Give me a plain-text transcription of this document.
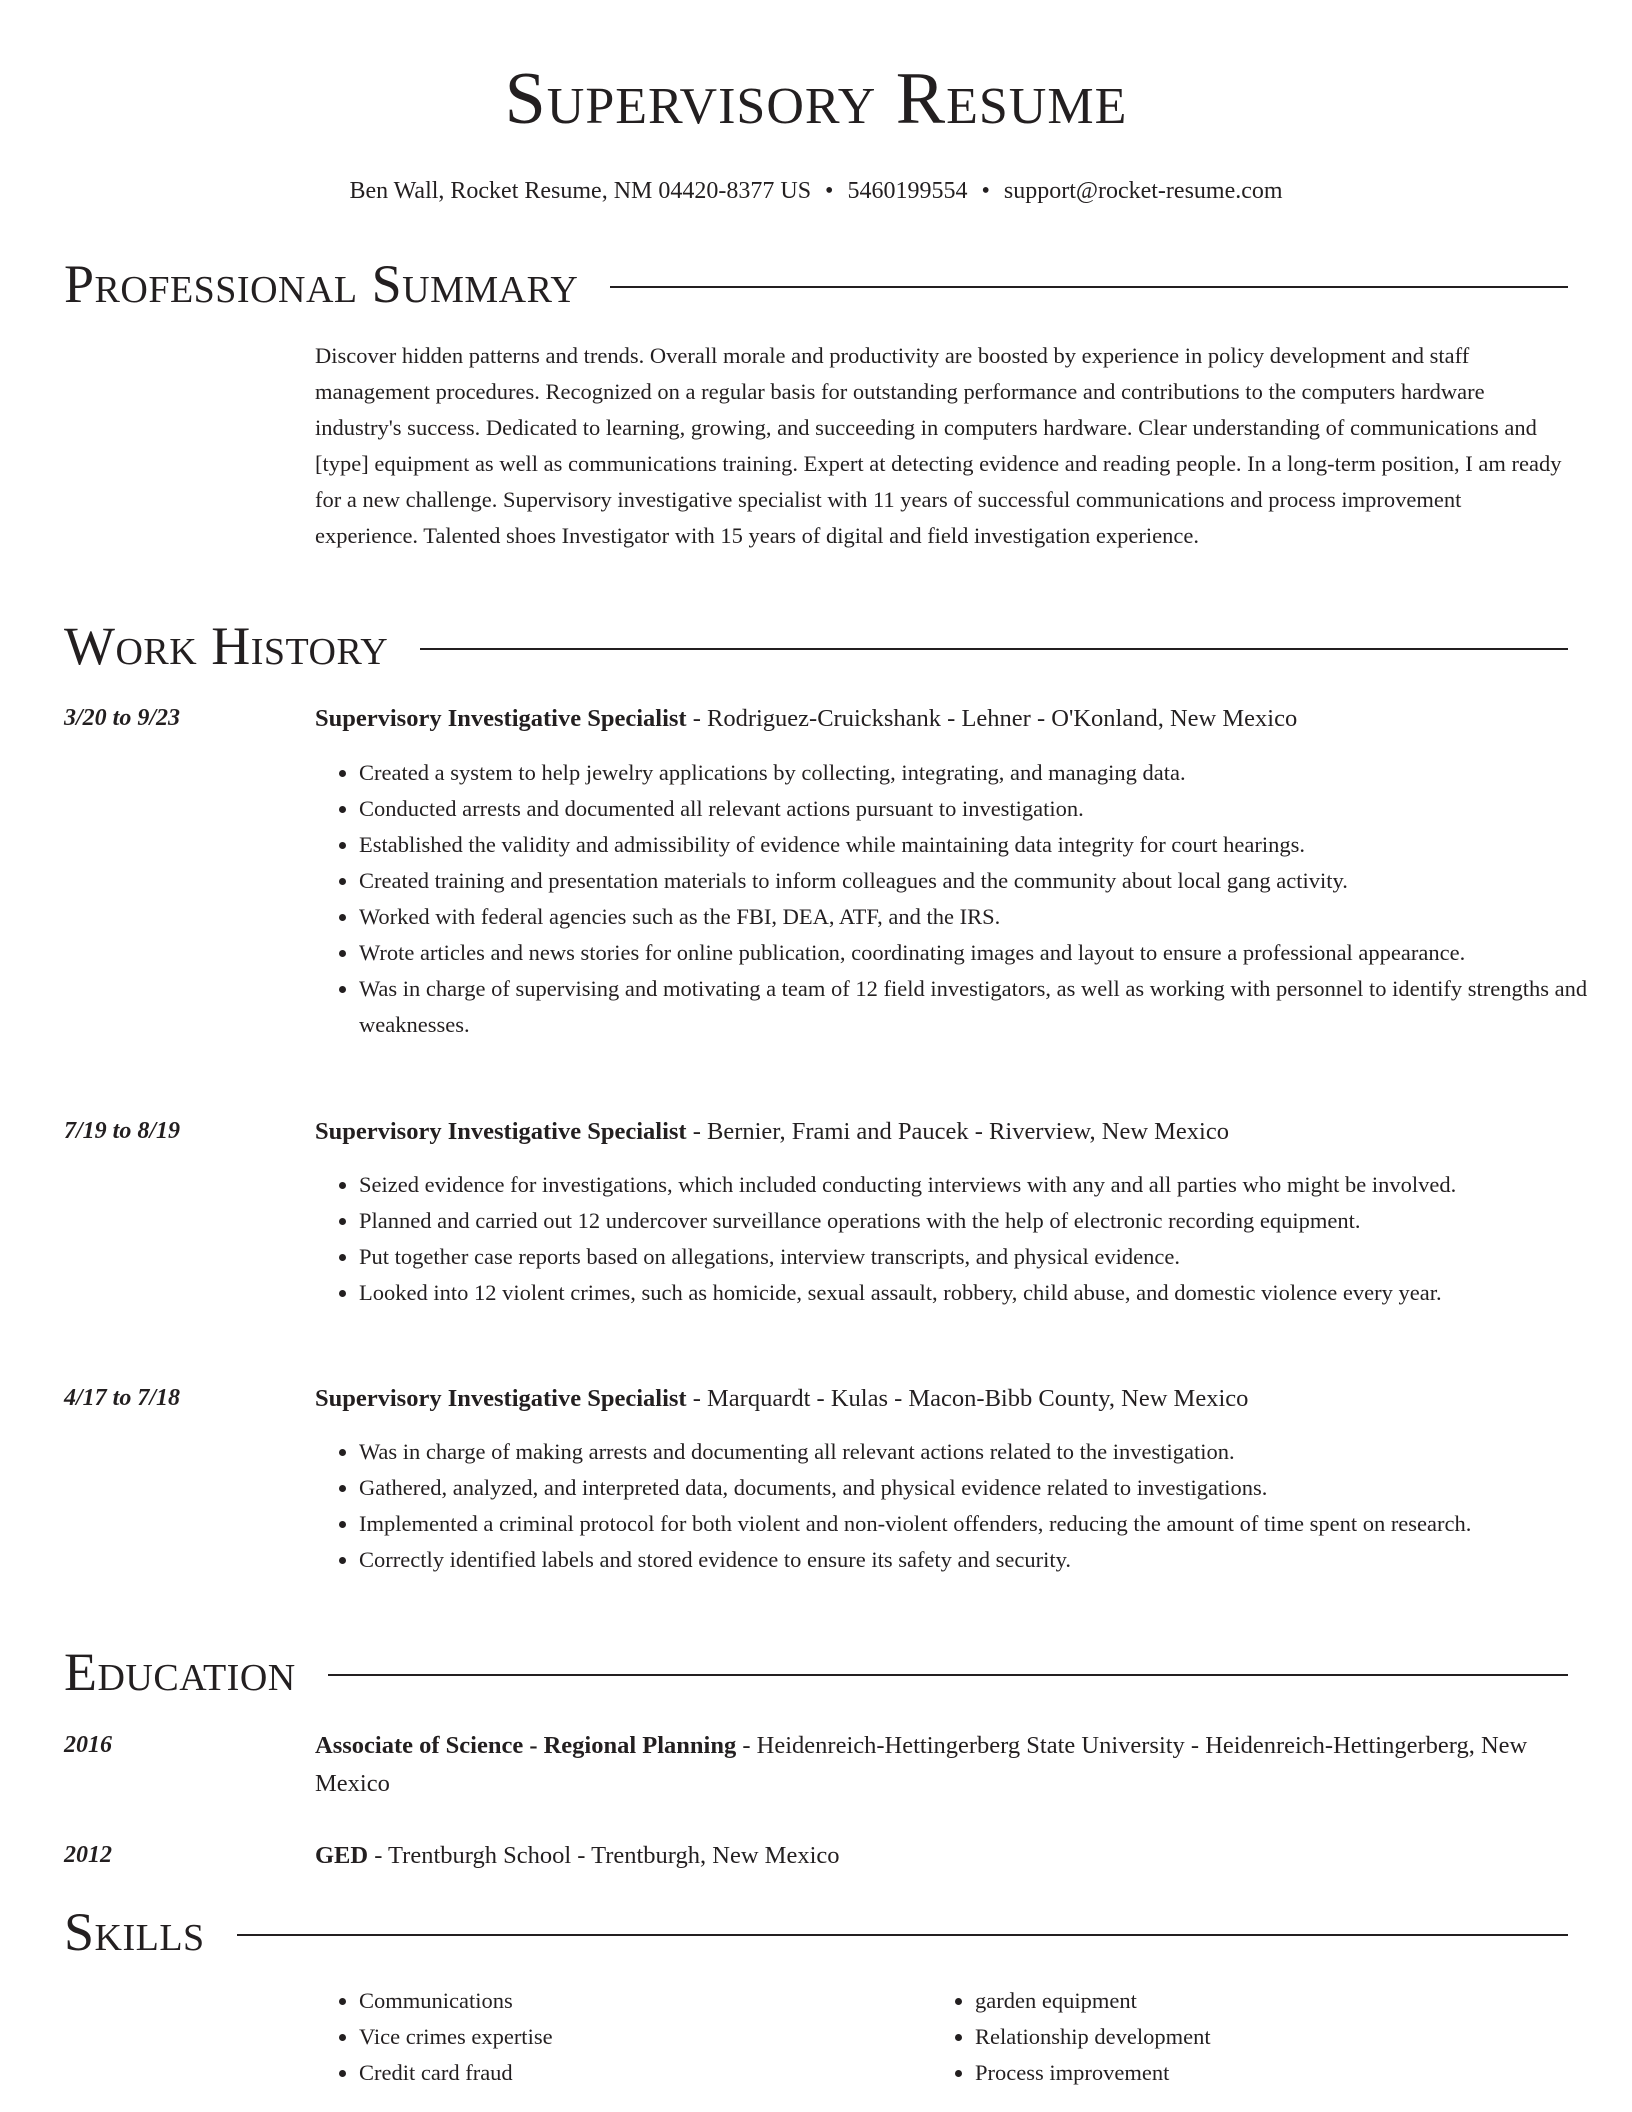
Supervisory Resume
Ben Wall, Rocket Resume, NM 04420-8377 US • 5460199554 • support@rocket-resume.com
Professional Summary

Discover hidden patterns and trends. Overall morale and productivity are boosted by experience in policy development and staff management procedures. Recognized on a regular basis for outstanding performance and contributions to the computers hardware industry's success. Dedicated to learning, growing, and succeeding in computers hardware. Clear understanding of communications and [type] equipment as well as communications training. Expert at detecting evidence and reading people. In a long-term position, I am ready for a new challenge. Supervisory investigative specialist with 11 years of successful communications and process improvement experience. Talented shoes Investigator with 15 years of digital and field investigation experience.

Work History
3/20 to 9/23	Supervisory Investigative Specialist - Rodriguez-Cruickshank - Lehner - O'Konland, New Mexico
• Created a system to help jewelry applications by collecting, integrating, and managing data.
• Conducted arrests and documented all relevant actions pursuant to investigation.
• Established the validity and admissibility of evidence while maintaining data integrity for court hearings.
• Created training and presentation materials to inform colleagues and the community about local gang activity.
• Worked with federal agencies such as the FBI, DEA, ATF, and the IRS.
• Wrote articles and news stories for online publication, coordinating images and layout to ensure a professional appearance.
• Was in charge of supervising and motivating a team of 12 field investigators, as well as working with personnel to identify strengths and weaknesses.
7/19 to 8/19	Supervisory Investigative Specialist - Bernier, Frami and Paucek - Riverview, New Mexico
• Seized evidence for investigations, which included conducting interviews with any and all parties who might be involved.
• Planned and carried out 12 undercover surveillance operations with the help of electronic recording equipment.
• Put together case reports based on allegations, interview transcripts, and physical evidence.
• Looked into 12 violent crimes, such as homicide, sexual assault, robbery, child abuse, and domestic violence every year.
4/17 to 7/18	Supervisory Investigative Specialist - Marquardt - Kulas - Macon-Bibb County, New Mexico
• Was in charge of making arrests and documenting all relevant actions related to the investigation.
• Gathered, analyzed, and interpreted data, documents, and physical evidence related to investigations.
• Implemented a criminal protocol for both violent and non-violent offenders, reducing the amount of time spent on research.
• Correctly identified labels and stored evidence to ensure its safety and security.
Education
2016	Associate of Science - Regional Planning - Heidenreich-Hettingerberg State University - Heidenreich-Hettingerberg, New Mexico
2012	GED - Trentburgh School - Trentburgh, New Mexico
Skills
• Communications
• Vice crimes expertise
• Credit card fraud
• garden equipment
• Relationship development
• Process improvement
